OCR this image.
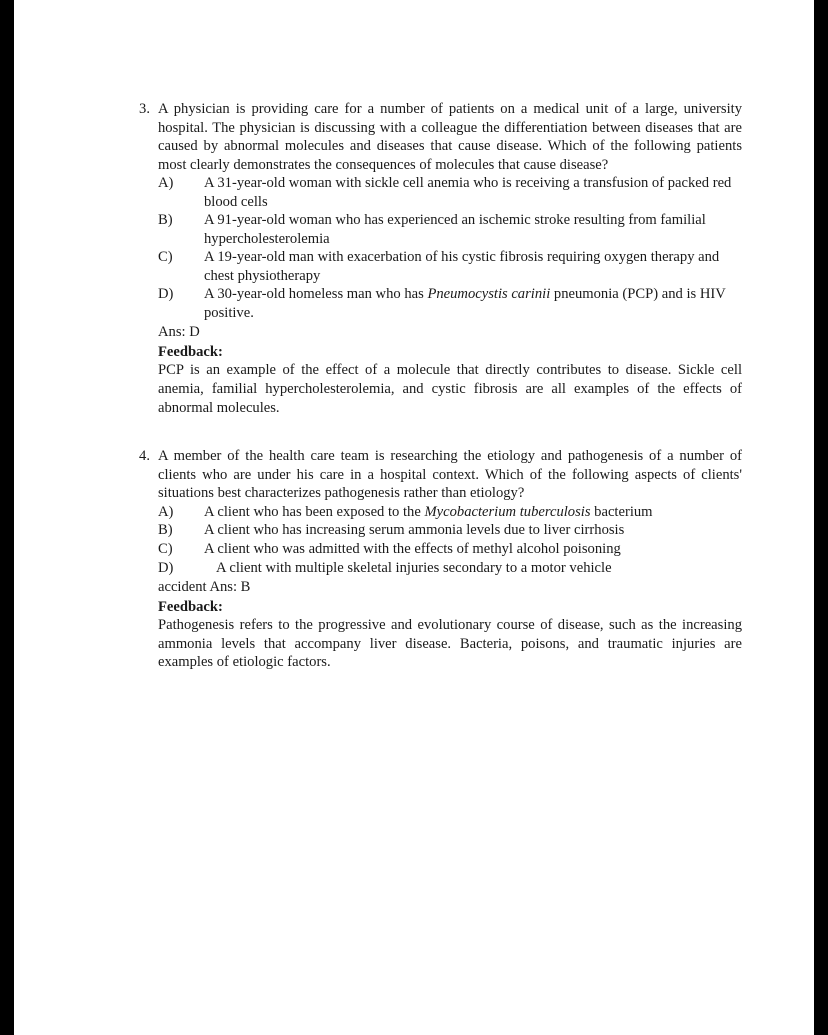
3. A physician is providing care for a number of patients on a medical unit of a large, university hospital. The physician is discussing with a colleague the differentiation between diseases that are caused by abnormal molecules and diseases that cause disease. Which of the following patients most clearly demonstrates the consequences of molecules that cause disease?
A)	A 31-year-old woman with sickle cell anemia who is receiving a transfusion of packed red blood cells
B)	A 91-year-old woman who has experienced an ischemic stroke resulting from familial hypercholesterolemia
C)	A 19-year-old man with exacerbation of his cystic fibrosis requiring oxygen therapy and chest physiotherapy
D)	A 30-year-old homeless man who has Pneumocystis carinii pneumonia (PCP) and is HIV positive.
Ans: D
Feedback:
PCP is an example of the effect of a molecule that directly contributes to disease. Sickle cell anemia, familial hypercholesterolemia, and cystic fibrosis are all examples of the effects of abnormal molecules.
4. A member of the health care team is researching the etiology and pathogenesis of a number of clients who are under his care in a hospital context. Which of the following aspects of clients' situations best characterizes pathogenesis rather than etiology?
A)	A client who has been exposed to the Mycobacterium tuberculosis bacterium
B)	A client who has increasing serum ammonia levels due to liver cirrhosis
C)	A client who was admitted with the effects of methyl alcohol poisoning
D)	A client with multiple skeletal injuries secondary to a motor vehicle
accident Ans: B
Feedback:
Pathogenesis refers to the progressive and evolutionary course of disease, such as the increasing ammonia levels that accompany liver disease. Bacteria, poisons, and traumatic injuries are examples of etiologic factors.
